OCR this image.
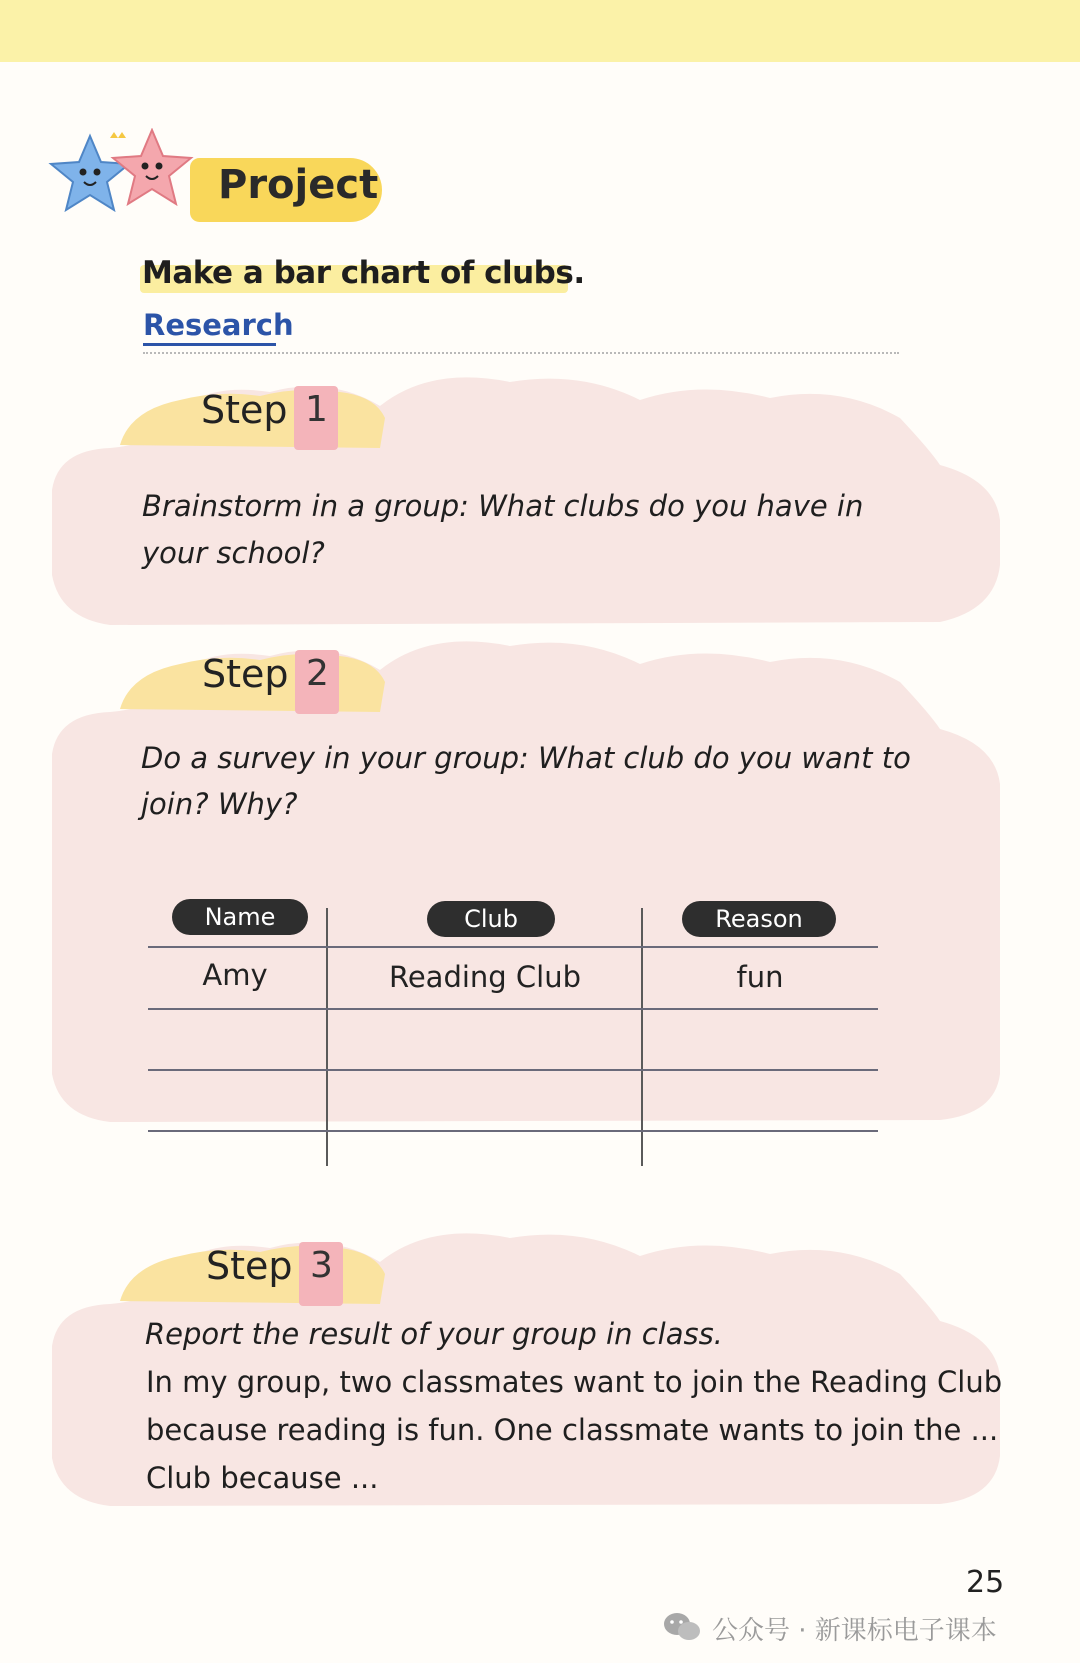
Project
Make a bar chart of clubs.
Research
Step 1
Brainstorm in a group: What clubs do you have in
your school?
Step 2
Do a survey in your group: What club do you want to
join? Why?
Name	Club	Reason
Amy	Reading Club	fun
Step 3
Report the result of your group in class.
In my group, two classmates want to join the Reading Club
because reading is fun. One classmate wants to join the ...
Club because ...
25
公众号 · 新课标电子课本
